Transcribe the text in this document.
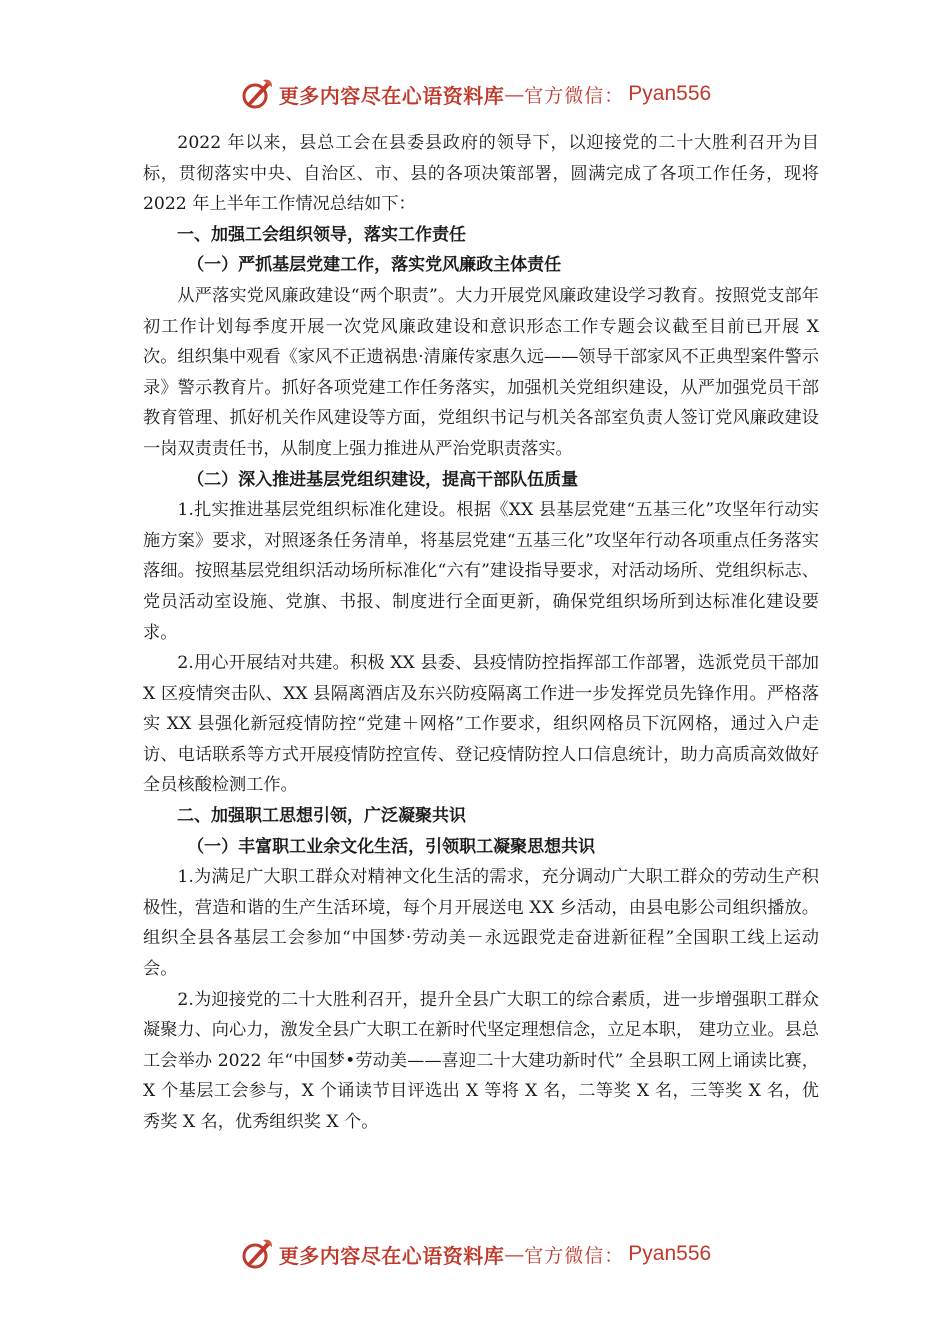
更多内容尽在心语资料库 — 官方微信： Pyan556

2022 年以来，县总工会在县委县政府的领导下，以迎接党的二十大胜利召开为目标，贯彻落实中央、自治区、市、县的各项决策部署，圆满完成了各项工作任务，现将 2022 年上半年工作情况总结如下：

一、加强工会组织领导，落实工作责任

（一）严抓基层党建工作，落实党风廉政主体责任

从严落实党风廉政建设“两个职责”。大力开展党风廉政建设学习教育。按照党支部年初工作计划每季度开展一次党风廉政建设和意识形态工作专题会议截至目前已开展 X 次。组织集中观看《家风不正遗祸患·清廉传家惠久远——领导干部家风不正典型案件警示录》警示教育片。抓好各项党建工作任务落实，加强机关党组织建设，从严加强党员干部教育管理、抓好机关作风建设等方面，党组织书记与机关各部室负责人签订党风廉政建设一岗双责责任书，从制度上强力推进从严治党职责落实。

（二）深入推进基层党组织建设，提高干部队伍质量

1.扎实推进基层党组织标准化建设。根据《XX 县基层党建“五基三化”攻坚年行动实施方案》要求，对照逐条任务清单，将基层党建“五基三化”攻坚年行动各项重点任务落实落细。按照基层党组织活动场所标准化“六有”建设指导要求，对活动场所、党组织标志、党员活动室设施、党旗、书报、制度进行全面更新，确保党组织场所到达标准化建设要求。

2.用心开展结对共建。积极 XX 县委、县疫情防控指挥部工作部署，选派党员干部加 X 区疫情突击队、XX 县隔离酒店及东兴防疫隔离工作进一步发挥党员先锋作用。严格落实 XX 县强化新冠疫情防控“党建＋网格”工作要求，组织网格员下沉网格，通过入户走访、电话联系等方式开展疫情防控宣传、登记疫情防控人口信息统计，助力高质高效做好全员核酸检测工作。

二、加强职工思想引领，广泛凝聚共识

（一）丰富职工业余文化生活，引领职工凝聚思想共识

1.为满足广大职工群众对精神文化生活的需求，充分调动广大职工群众的劳动生产积极性，营造和谐的生产生活环境，每个月开展送电 XX 乡活动，由县电影公司组织播放。组织全县各基层工会参加“中国梦·劳动美－永远跟党走奋进新征程”全国职工线上运动会。

2.为迎接党的二十大胜利召开，提升全县广大职工的综合素质，进一步增强职工群众凝聚力、向心力，激发全县广大职工在新时代坚定理想信念，立足本职， 建功立业。县总工会举办 2022 年“中国梦•劳动美——喜迎二十大建功新时代” 全县职工网上诵读比赛，X 个基层工会参与，X 个诵读节目评选出 X 等将 X 名，二等奖 X 名，三等奖 X 名，优秀奖 X 名，优秀组织奖 X 个。

更多内容尽在心语资料库 — 官方微信： Pyan556
